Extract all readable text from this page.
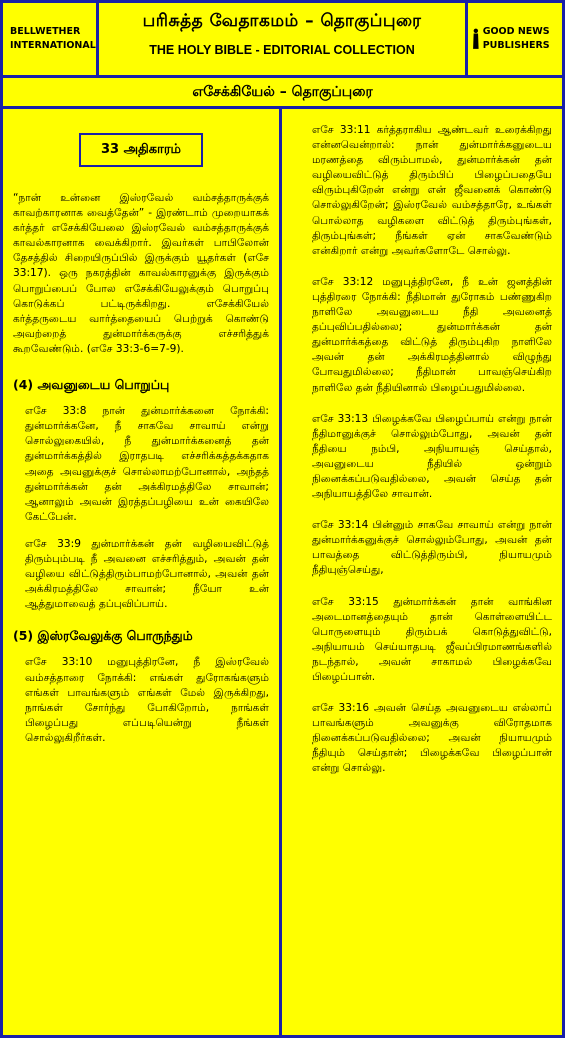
BELLWETHER INTERNATIONAL
பரிசுத்த வேதாகமம் – தொகுப்புரை
THE HOLY BIBLE - EDITORIAL COLLECTION
GOOD NEWS PUBLISHERS
எசேக்கியேல் – தொகுப்புரை
33 அதிகாரம்

“நான் உன்னை இஸ்ரவேல் வம்சத்தாருக்குக் காவற்காரனாக வைத்தேன்” - இரண்டாம் முறையாகக் கர்த்தர் எசேக்கியேலை இஸ்ரவேல் வம்சத்தாருக்குக் காவல்காரனாக வைக்கிறார். இவர்கள் பாபிலோன் தேசத்தில் சிறையிருப்பில் இருக்கும் யூதர்கள் (எசே 33:17). ஒரு நகரத்தின் காவல்காரனுக்கு இருக்கும் பொறுப்பைப் போல எசேக்கியேலுக்கும் பொறுப்பு கொடுக்கப் பட்டிருக்கிறது. எசேக்கியேல் கர்த்தருடைய வார்த்தையைப் பெற்றுக் கொண்டு அவற்றைத் துன்மார்க்கருக்கு எச்சரித்துக் கூறவேண்டும். (எசே 33:3-6=7-9).

(4) அவனுடைய பொறுப்பு

எசே 33:8 நான் துன்மார்க்கனை நோக்கி: துன்மார்க்கனே, நீ சாகவே சாவாய் என்று சொல்லுகையில், நீ துன்மார்க்கனைத் தன் துன்மார்க்கத்தில் இராதபடி எச்சரிக்கத்தக்கதாக அதை அவனுக்குச் சொல்லாமற்போனால், அந்தத் துன்மார்க்கன் தன் அக்கிரமத்திலே சாவான்; ஆனாலும் அவன் இரத்தப்பழியை உன் கையிலே கேட்பேன்.

எசே 33:9 துன்மார்க்கன் தன் வழியைவிட்டுத் திரும்பும்படி நீ அவனை எச்சரித்தும், அவன் தன் வழியை விட்டுத்திரும்பாமற்போனால், அவன் தன் அக்கிரமத்திலே சாவான்; நீயோ உன் ஆத்துமாவைத் தப்புவிப்பாய்.

(5) இஸ்ரவேலுக்கு பொருந்தும்

எசே 33:10 மனுபுத்திரனே, நீ இஸ்ரவேல் வம்சத்தாரை நோக்கி: எங்கள் துரோகங்களும் எங்கள் பாவங்களும் எங்கள் மேல் இருக்கிறது, நாங்கள் சோர்ந்து போகிறோம், நாங்கள் பிழைப்பது எப்படியென்று நீங்கள் சொல்லுகிறீர்கள்.

எசே 33:11 கர்த்தராகிய ஆண்டவர் உரைக்கிறது என்னவென்றால்: நான் துன்மார்க்கனுடைய மரணத்தை விரும்பாமல், துன்மார்க்கன் தன் வழியைவிட்டுத் திரும்பிப் பிழைப்பதையே விரும்புகிறேன் என்று என் ஜீவனைக் கொண்டு சொல்லுகிறேன்; இஸ்ரவேல் வம்சத்தாரே, உங்கள் பொல்லாத வழிகளை விட்டுத் திரும்புங்கள், திரும்புங்கள்; நீங்கள் ஏன் சாகவேண்டும் என்கிறார் என்று அவர்களோடே சொல்லு.

எசே 33:12 மனுபுத்திரனே, நீ உன் ஜனத்தின் புத்திரரை நோக்கி: நீதிமான் துரோகம் பண்ணுகிற நாளிலே அவனுடைய நீதி அவனைத் தப்புவிப்பதில்லை; துன்மார்க்கன் தன் துன்மார்க்கத்தை விட்டுத் திரும்புகிற நாளிலே அவன் தன் அக்கிரமத்தினால் விழுந்து போவதுமில்லை; நீதிமான் பாவஞ்செய்கிற நாளிலே தன் நீதியினால் பிழைப்பதுமில்லை.

எசே 33:13 பிழைக்கவே பிழைப்பாய் என்று நான் நீதிமானுக்குச் சொல்லும்போது, அவன் தன் நீதியை நம்பி, அநியாயஞ் செய்தால், அவனுடைய நீதியில் ஒன்றும் நினைக்கப்படுவதில்லை, அவன் செய்த தன் அநியாயத்திலே சாவான்.

எசே 33:14 பின்னும் சாகவே சாவாய் என்று நான் துன்மார்க்கனுக்குச் சொல்லும்போது, அவன் தன் பாவத்தை விட்டுத்திரும்பி, நியாயமும் நீதியுஞ்செய்து,

எசே 33:15 துன்மார்க்கன் தான் வாங்கின அடைமானத்தையும் தான் கொள்ளையிட்ட பொருளையும் திரும்பக் கொடுத்துவிட்டு, அநியாயம் செய்யாதபடி ஜீவப்பிரமாணங்களில் நடந்தால், அவன் சாகாமல் பிழைக்கவே பிழைப்பான்.

எசே 33:16 அவன் செய்த அவனுடைய எல்லாப் பாவங்களும் அவனுக்கு விரோதமாக நினைக்கப்படுவதில்லை; அவன் நியாயமும் நீதியும் செய்தான்; பிழைக்கவே பிழைப்பான் என்று சொல்லு.
